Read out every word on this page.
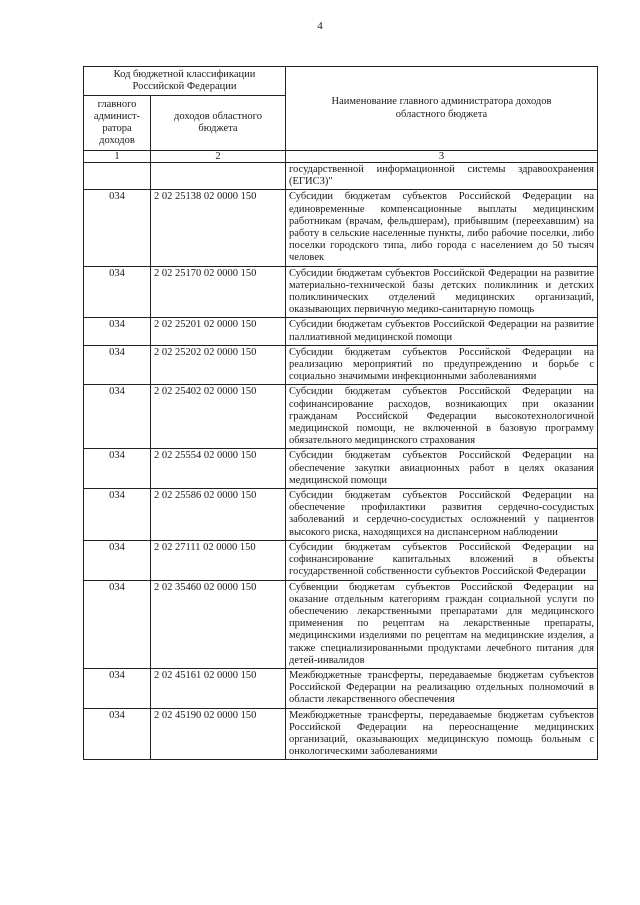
4
Код бюджетной классификации Российской Федерации		Наименование главного администратора доходов областного бюджета
главного админист-ратора доходов	доходов областного бюджета	
1	2	3
		государственной информационной системы здравоохранения (ЕГИСЗ)"
034	2 02 25138 02 0000 150	Субсидии бюджетам субъектов Российской Федерации на единовременные компенсационные выплаты медицинским работникам (врачам, фельдшерам), прибывшим (переехавшим) на работу в сельские населенные пункты, либо рабочие поселки, либо поселки городского типа, либо города с населением до 50 тысяч человек
034	2 02 25170 02 0000 150	Субсидии бюджетам субъектов Российской Федерации на развитие материально-технической базы детских поликлиник и детских поликлинических отделений медицинских организаций, оказывающих первичную медико-санитарную помощь
034	2 02 25201 02 0000 150	Субсидии бюджетам субъектов Российской Федерации на развитие паллиативной медицинской помощи
034	2 02 25202 02 0000 150	Субсидии бюджетам субъектов Российской Федерации на реализацию мероприятий по предупреждению и борьбе с социально значимыми инфекционными заболеваниями
034	2 02 25402 02 0000 150	Субсидии бюджетам субъектов Российской Федерации на софинансирование расходов, возникающих при оказании гражданам Российской Федерации высокотехнологичной медицинской помощи, не включенной в базовую программу обязательного медицинского страхования
034	2 02 25554 02 0000 150	Субсидии бюджетам субъектов Российской Федерации на обеспечение закупки авиационных работ в целях оказания медицинской помощи
034	2 02 25586 02 0000 150	Субсидии бюджетам субъектов Российской Федерации на обеспечение профилактики развития сердечно-сосудистых заболеваний и сердечно-сосудистых осложнений у пациентов высокого риска, находящихся на диспансерном наблюдении
034	2 02 27111 02 0000 150	Субсидии бюджетам субъектов Российской Федерации на софинансирование капитальных вложений в объекты государственной собственности субъектов Российской Федерации
034	2 02 35460 02 0000 150	Субвенции бюджетам субъектов Российской Федерации на оказание отдельным категориям граждан социальной услуги по обеспечению лекарственными препаратами для медицинского применения по рецептам на лекарственные препараты, медицинскими изделиями по рецептам на медицинские изделия, а также специализированными продуктами лечебного питания для детей-инвалидов
034	2 02 45161 02 0000 150	Межбюджетные трансферты, передаваемые бюджетам субъектов Российской Федерации на реализацию отдельных полномочий в области лекарственного обеспечения
034	2 02 45190 02 0000 150	Межбюджетные трансферты, передаваемые бюджетам субъектов Российской Федерации на переоснащение медицинских организаций, оказывающих медицинскую помощь больным с онкологическими заболеваниями
